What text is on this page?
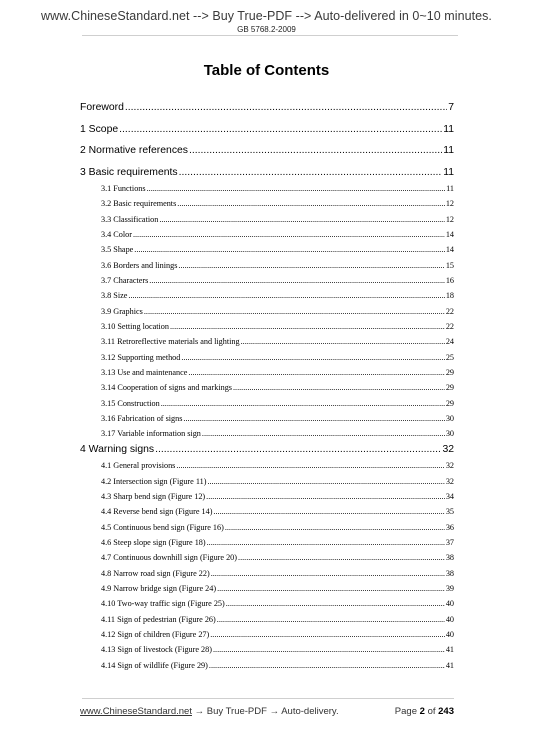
www.ChineseStandard.net --> Buy True-PDF --> Auto-delivered in 0~10 minutes.
GB 5768.2-2009
Table of Contents
Foreword .....	7
1 Scope .....	11
2 Normative references .....	11
3 Basic requirements .....	11
3.1 Functions .....	11
3.2 Basic requirements .....	12
3.3 Classification .....	12
3.4 Color .....	14
3.5 Shape .....	14
3.6 Borders and linings .....	15
3.7 Characters .....	16
3.8 Size .....	18
3.9 Graphics .....	22
3.10 Setting location .....	22
3.11 Retroreflective materials and lighting .....	24
3.12 Supporting method .....	25
3.13 Use and maintenance .....	29
3.14 Cooperation of signs and markings .....	29
3.15 Construction .....	29
3.16 Fabrication of signs .....	30
3.17 Variable information sign .....	30
4 Warning signs .....	32
4.1 General provisions .....	32
4.2 Intersection sign (Figure 11) .....	32
4.3 Sharp bend sign (Figure 12) .....	34
4.4 Reverse bend sign (Figure 14) .....	35
4.5 Continuous bend sign (Figure 16) .....	36
4.6 Steep slope sign (Figure 18) .....	37
4.7 Continuous downhill sign (Figure 20) .....	38
4.8 Narrow road sign (Figure 22) .....	38
4.9 Narrow bridge sign (Figure 24) .....	39
4.10 Two-way traffic sign (Figure 25) .....	40
4.11 Sign of pedestrian (Figure 26) .....	40
4.12 Sign of children (Figure 27) .....	40
4.13 Sign of livestock (Figure 28) .....	41
4.14 Sign of wildlife (Figure 29) .....	41
www.ChineseStandard.net → Buy True-PDF → Auto-delivery.	Page 2 of 243
